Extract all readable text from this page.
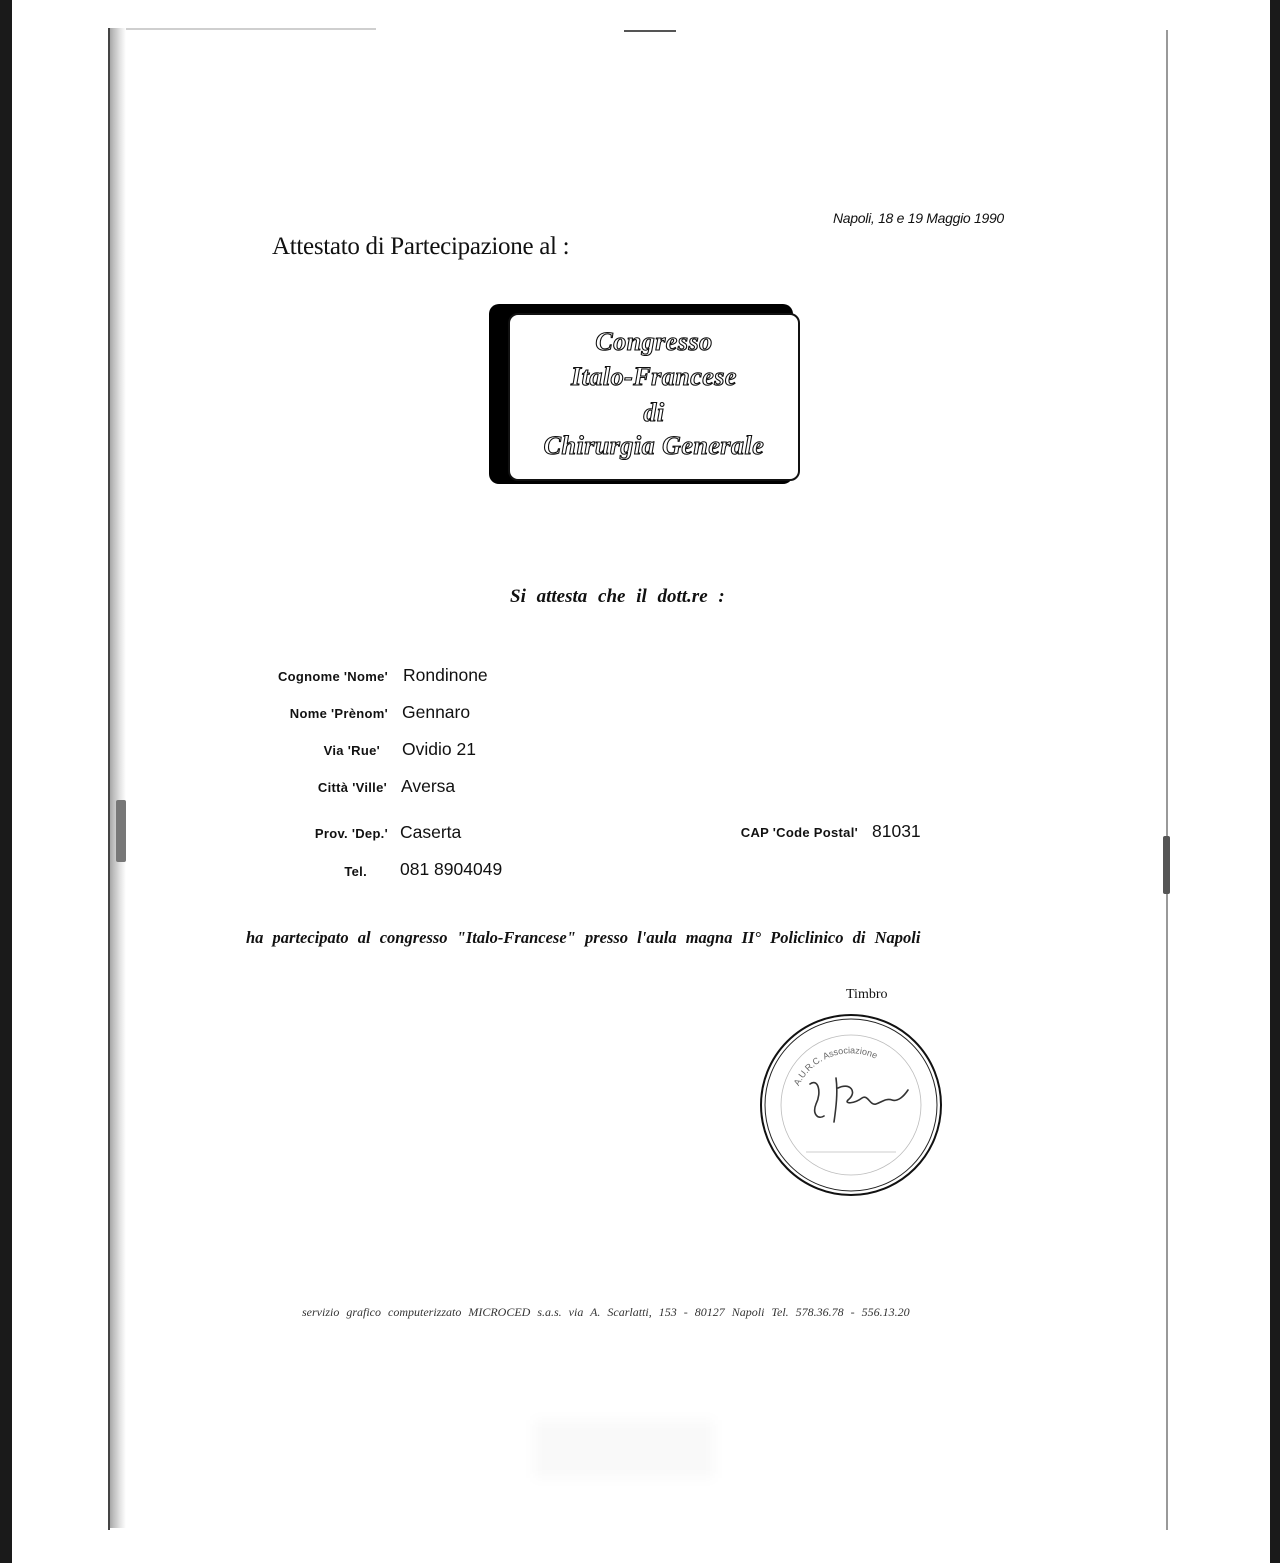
Napoli, 18 e 19 Maggio 1990
Attestato di Partecipazione al :
Congresso
Italo-Francese
di
Chirurgia Generale
Si attesta che il dott.re :
Cognome 'Nome' Rondinone
Nome 'Prènom' Gennaro
Via 'Rue' Ovidio 21
Città 'Ville' Aversa
Prov. 'Dep.' Caserta	CAP 'Code Postal' 81031
Tel. 081 8904049
ha partecipato al congresso "Italo-Francese" presso l'aula magna II° Policlinico di Napoli
Timbro
A.U.R.C. Associazione
servizio grafico computerizzato MICROCED s.a.s. via A. Scarlatti, 153 - 80127 Napoli Tel. 578.36.78 - 556.13.20
